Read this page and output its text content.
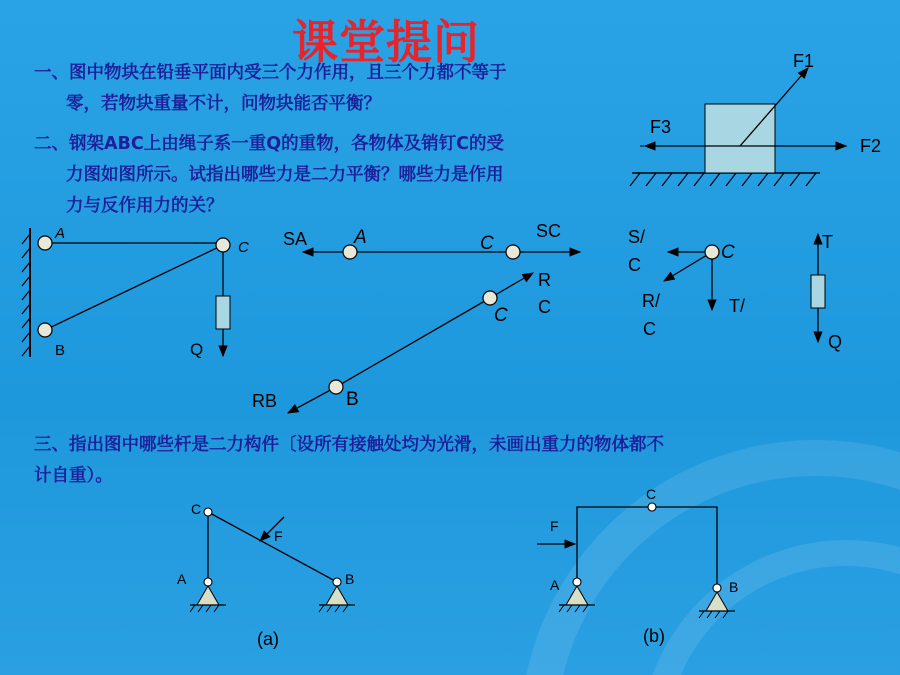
课堂提问
一、图中物块在铅垂平面内受三个力作用，且三个力都不等于
零，若物块重量不计，问物块能否平衡？
二、钢架ABC上由绳子系一重Q的重物，各物体及销钉C的受
力图如图所示。试指出哪些力是二力平衡？哪些力是作用
力与反作用力的关？
三、指出图中哪些杆是二力构件〔设所有接触处均为光滑，未画出重力的物体都不
计自重）。
F1
F2
F3
A
C
B	Q
SA A	C
SC
R
C
C
B
RB
S/
C
C
R/
C
T/
T
Q
C
F
A	B
(a)
C
F
A	B
(b)
